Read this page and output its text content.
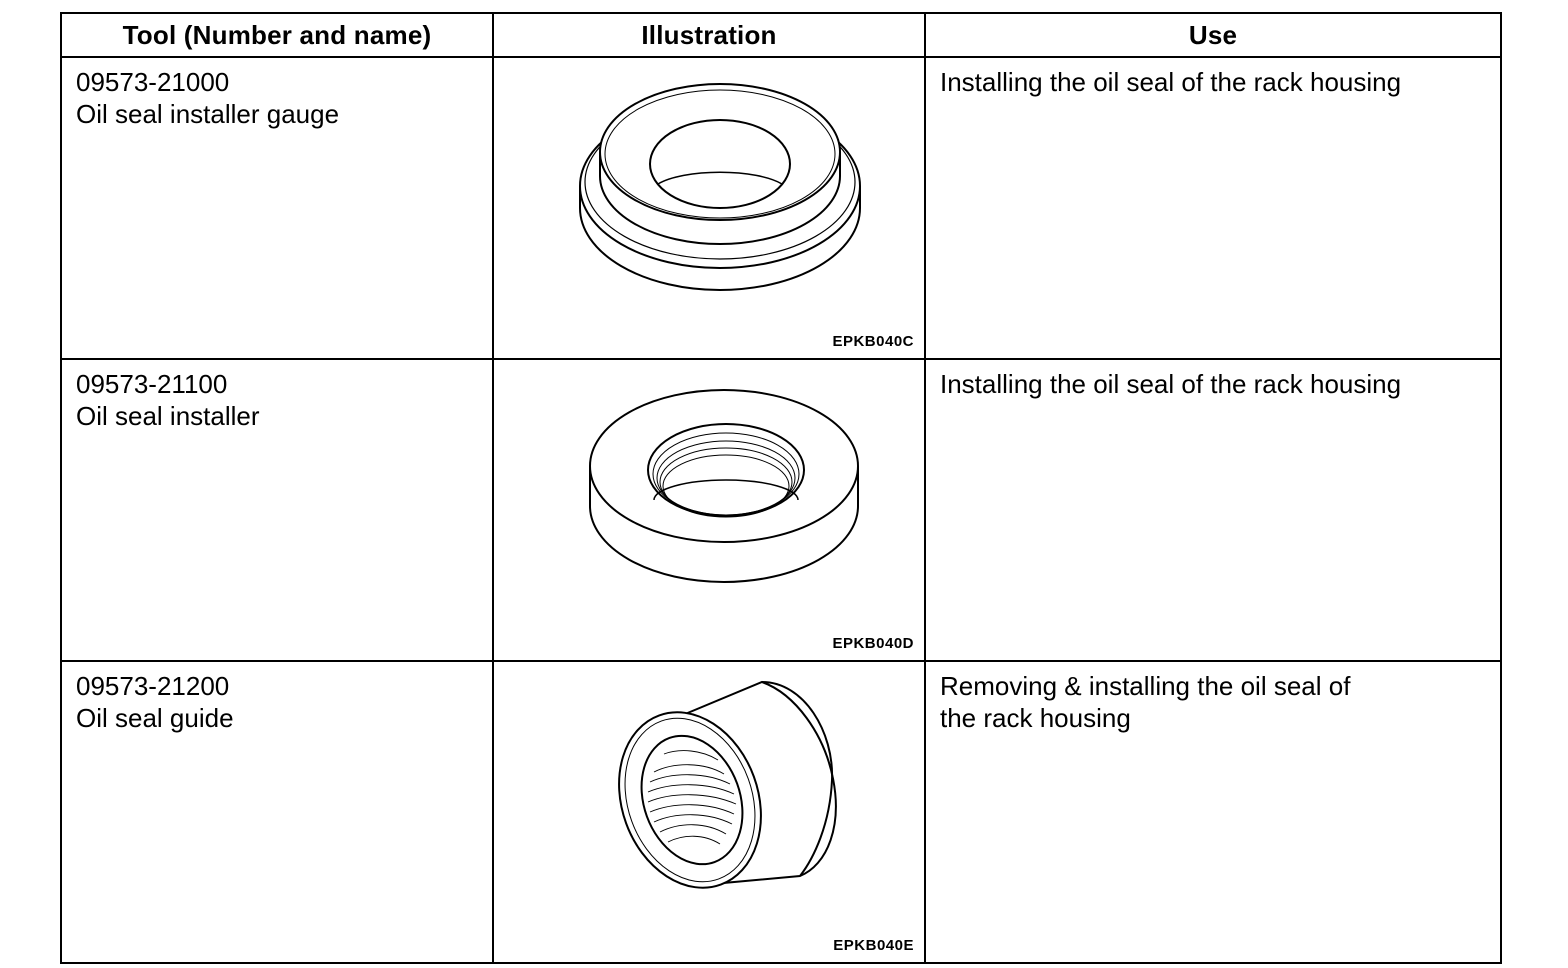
Tool (Number and name)	Illustration	Use

09573-21000
Oil seal installer gauge	EPKB040C	Installing the oil seal of the rack housing

09573-21100
Oil seal installer	EPKB040D	Installing the oil seal of the rack housing

09573-21200
Oil seal guide	EPKB040E	Removing & installing the oil seal of
the rack housing
